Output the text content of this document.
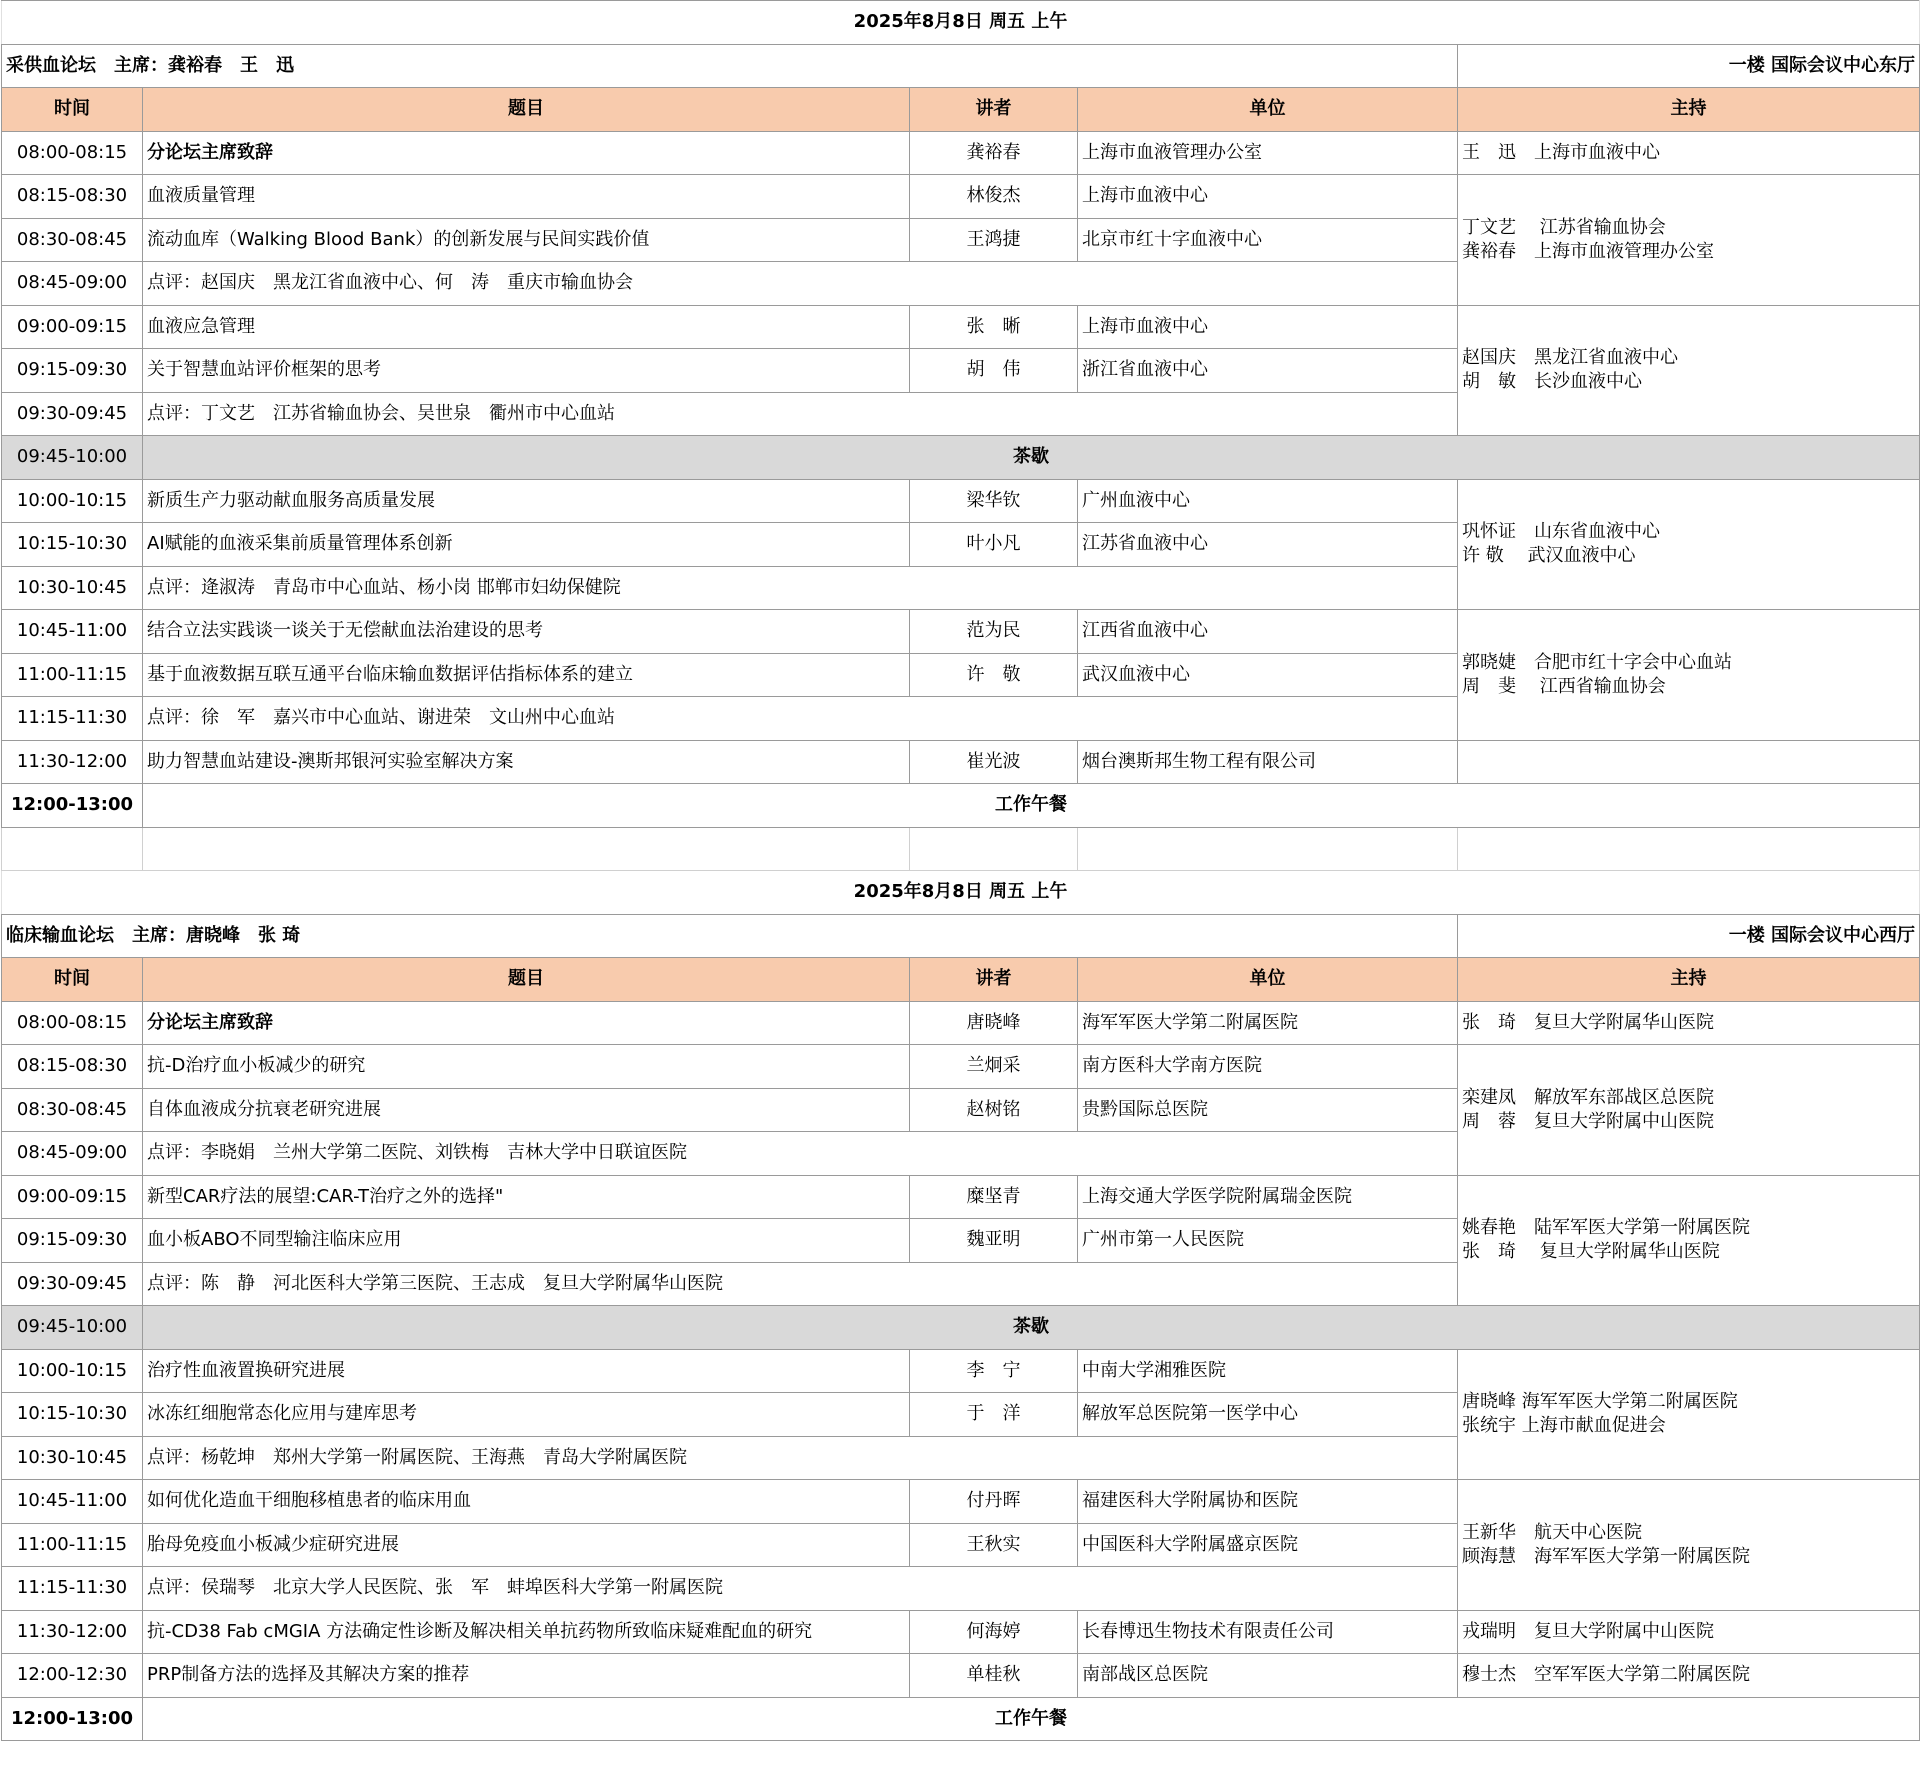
2025年8月8日 周五 上午				
采供血论坛　主席：龚裕春　王　迅				一楼 国际会议中心东厅
时间	题目	讲者	单位	主持
08:00-08:15	分论坛主席致辞	龚裕春	上海市血液管理办公室	王　迅　上海市血液中心

08:15-08:30	血液质量管理	林俊杰	上海市血液中心	丁文艺　 江苏省输血协会
龚裕春　上海市血液管理办公室

08:30-08:45	流动血库（Walking Blood Bank）的创新发展与民间实践价值	王鸿捷	北京市红十字血液中心	
08:45-09:00	点评：赵国庆　黑龙江省血液中心、何　涛　重庆市输血协会			
09:00-09:15	血液应急管理	张　晰	上海市血液中心	赵国庆　黑龙江省血液中心
胡　敏　长沙血液中心

09:15-09:30	关于智慧血站评价框架的思考	胡　伟	浙江省血液中心	
09:30-09:45	点评：丁文艺　江苏省输血协会、吴世泉　衢州市中心血站			
09:45-10:00	茶歇			
10:00-10:15	新质生产力驱动献血服务高质量发展	梁华钦	广州血液中心	巩怀证　山东省血液中心
许 敬　 武汉血液中心

10:15-10:30	AI赋能的血液采集前质量管理体系创新	叶小凡	江苏省血液中心	
10:30-10:45	点评：逄淑涛　青岛市中心血站、杨小岗 邯郸市妇幼保健院			
10:45-11:00	结合立法实践谈一谈关于无偿献血法治建设的思考	范为民	江西省血液中心	郭晓婕　合肥市红十字会中心血站
周　斐　 江西省输血协会

11:00-11:15	基于血液数据互联互通平台临床输血数据评估指标体系的建立	许　敬	武汉血液中心	
11:15-11:30	点评：徐　军　嘉兴市中心血站、谢进荣　文山州中心血站			
11:30-12:00	助力智慧血站建设-澳斯邦银河实验室解决方案	崔光波	烟台澳斯邦生物工程有限公司	

12:00-13:00	工作午餐			

2025年8月8日 周五 上午				
临床输血论坛　主席：唐晓峰　张 琦				一楼 国际会议中心西厅
时间	题目	讲者	单位	主持
08:00-08:15	分论坛主席致辞	唐晓峰	海军军医大学第二附属医院	张　琦　复旦大学附属华山医院

08:15-08:30	抗-D治疗血小板减少的研究	兰炯采	南方医科大学南方医院	栾建凤　解放军东部战区总医院
周　蓉　复旦大学附属中山医院

08:30-08:45	自体血液成分抗衰老研究进展	赵树铭	贵黔国际总医院	
08:45-09:00	点评：李晓娟　兰州大学第二医院、刘铁梅　吉林大学中日联谊医院			
09:00-09:15	新型CAR疗法的展望:CAR-T治疗之外的选择"	糜坚青	上海交通大学医学院附属瑞金医院	姚春艳　陆军军医大学第一附属医院
张　琦　 复旦大学附属华山医院

09:15-09:30	血小板ABO不同型输注临床应用	魏亚明	广州市第一人民医院	
09:30-09:45	点评：陈　静　河北医科大学第三医院、王志成　复旦大学附属华山医院			
09:45-10:00	茶歇			
10:00-10:15	治疗性血液置换研究进展	李　宁	中南大学湘雅医院	唐晓峰 海军军医大学第二附属医院
张统宇 上海市献血促进会

10:15-10:30	冰冻红细胞常态化应用与建库思考	于　洋	解放军总医院第一医学中心	
10:30-10:45	点评：杨乾坤　郑州大学第一附属医院、王海燕　青岛大学附属医院			
10:45-11:00	如何优化造血干细胞移植患者的临床用血	付丹晖	福建医科大学附属协和医院	王新华　航天中心医院
顾海慧　海军军医大学第一附属医院

11:00-11:15	胎母免疫血小板减少症研究进展	王秋实	中国医科大学附属盛京医院	
11:15-11:30	点评：侯瑞琴　北京大学人民医院、张　军　蚌埠医科大学第一附属医院			
11:30-12:00	抗-CD38 Fab cMGIA 方法确定性诊断及解决相关单抗药物所致临床疑难配血的研究	何海婷	长春博迅生物技术有限责任公司	戎瑞明　复旦大学附属中山医院

12:00-12:30	PRP制备方法的选择及其解决方案的推荐	单桂秋	南部战区总医院	穆士杰　空军军医大学第二附属医院

12:00-13:00	工作午餐			
